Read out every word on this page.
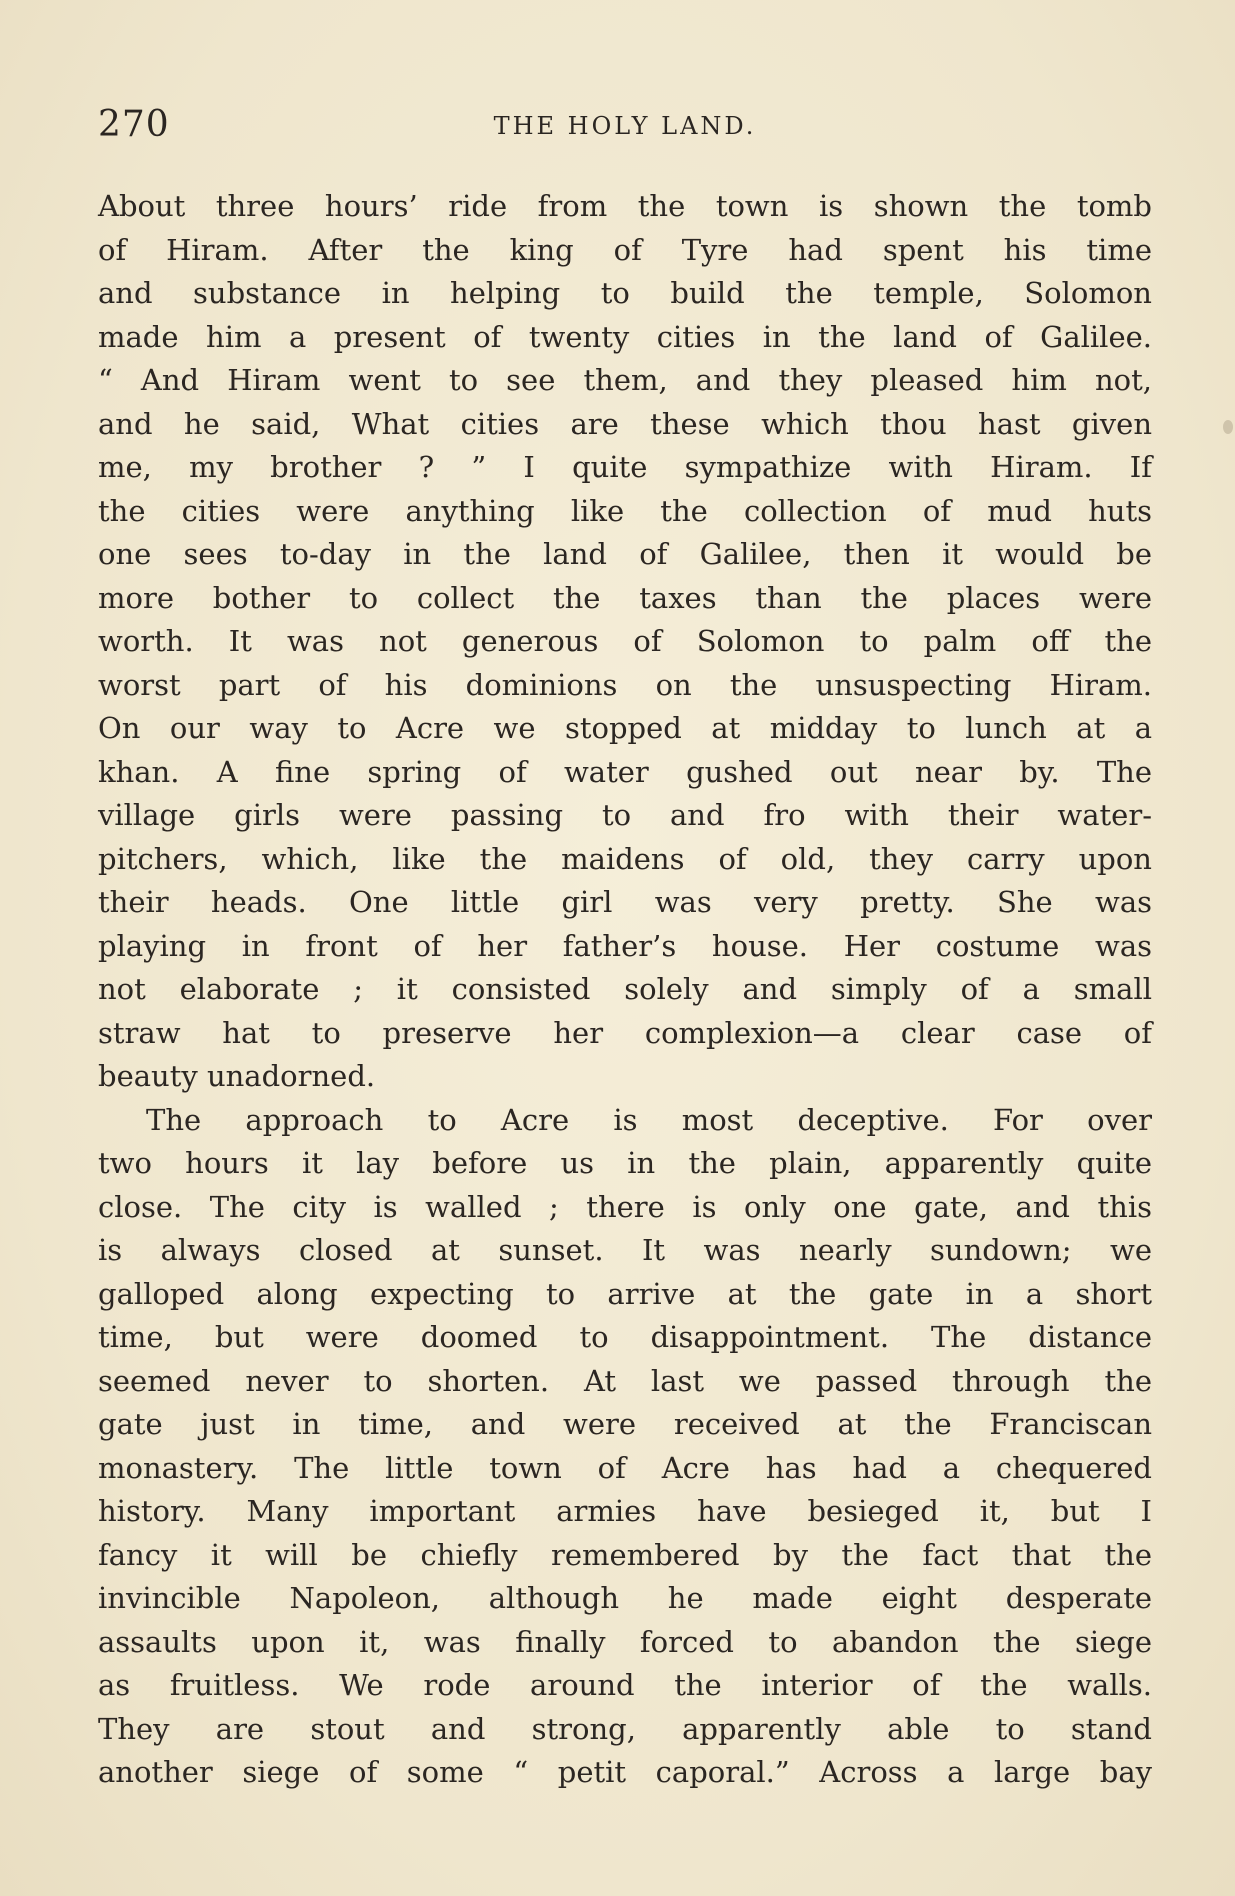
270	THE HOLY LAND.
About three hours’ ride from the town is shown the tomb
of Hiram. After the king of Tyre had spent his time
and substance in helping to build the temple, Solomon
made him a present of twenty cities in the land of Galilee.
“ And Hiram went to see them, and they pleased him not,
and he said, What cities are these which thou hast given
me, my brother ? ” I quite sympathize with Hiram. If
the cities were anything like the collection of mud huts
one sees to-day in the land of Galilee, then it would be
more bother to collect the taxes than the places were
worth. It was not generous of Solomon to palm off the
worst part of his dominions on the unsuspecting Hiram.
On our way to Acre we stopped at midday to lunch at a
khan. A fine spring of water gushed out near by. The
village girls were passing to and fro with their water-
pitchers, which, like the maidens of old, they carry upon
their heads. One little girl was very pretty. She was
playing in front of her father’s house. Her costume was
not elaborate ; it consisted solely and simply of a small
straw hat to preserve her complexion—a clear case of
beauty unadorned.
The approach to Acre is most deceptive. For over
two hours it lay before us in the plain, apparently quite
close. The city is walled ; there is only one gate, and this
is always closed at sunset. It was nearly sundown; we
galloped along expecting to arrive at the gate in a short
time, but were doomed to disappointment. The distance
seemed never to shorten. At last we passed through the
gate just in time, and were received at the Franciscan
monastery. The little town of Acre has had a chequered
history. Many important armies have besieged it, but I
fancy it will be chiefly remembered by the fact that the
invincible Napoleon, although he made eight desperate
assaults upon it, was finally forced to abandon the siege
as fruitless. We rode around the interior of the walls.
They are stout and strong, apparently able to stand
another siege of some “ petit caporal.” Across a large bay
